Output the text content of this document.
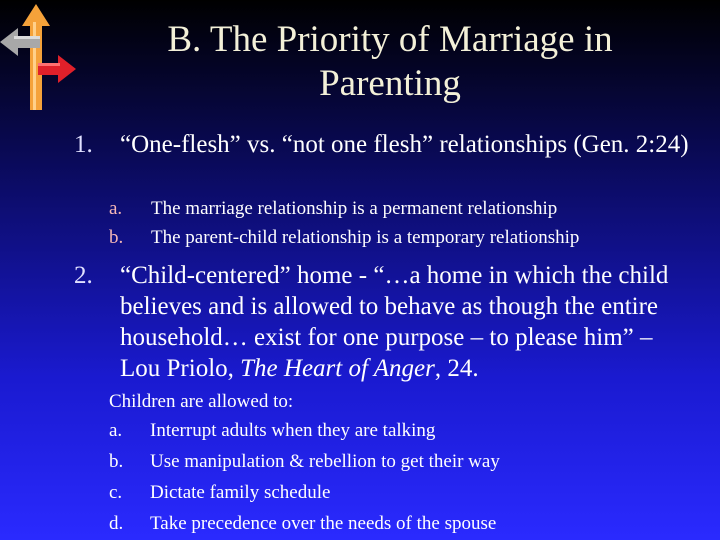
B. The Priority of Marriage in Parenting
1. “One-flesh” vs. “not one flesh” relationships (Gen. 2:24)
a. The marriage relationship is a permanent relationship
b. The parent-child relationship is a temporary relationship
2. “Child-centered” home - “…a home in which the child believes and is allowed to behave as though the entire household… exist for one purpose – to please him” – Lou Priolo, The Heart of Anger, 24.
Children are allowed to:
a. Interrupt adults when they are talking
b. Use manipulation & rebellion to get their way
c. Dictate family schedule
d. Take precedence over the needs of the spouse
